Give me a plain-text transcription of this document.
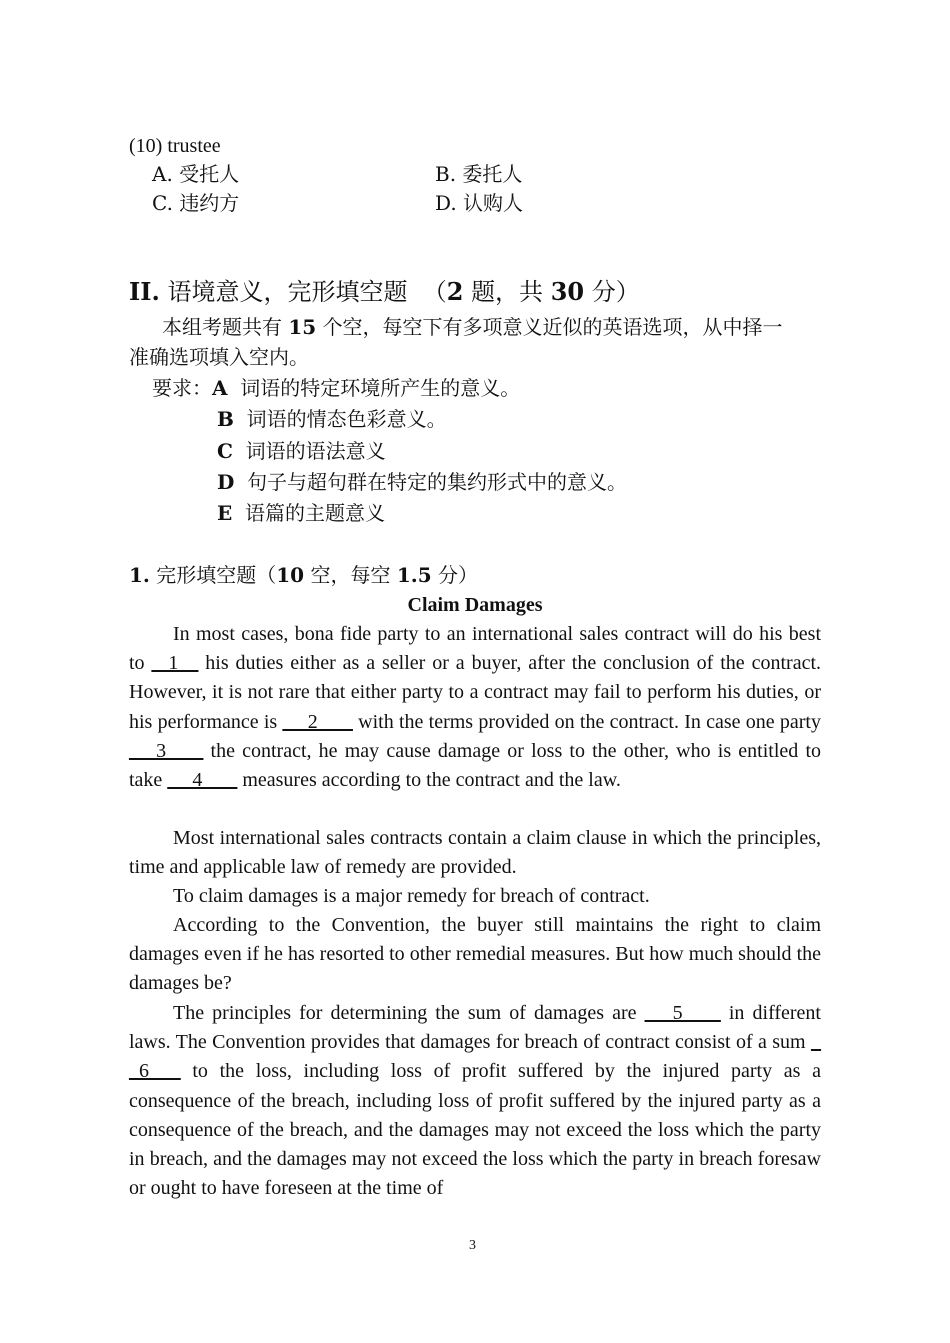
(10) trustee
A. 受托人	B. 委托人
C. 违约方	D. 认购人
II. 语境意义，完形填空题 （2 题，共 30 分）
本组考题共有 15 个空，每空下有多项意义近似的英语选项，从中择一
准确选项填入空内。
要求：A 词语的特定环境所产生的意义。
B 词语的情态色彩意义。
C 词语的语法意义
D 句子与超句群在特定的集约形式中的意义。
E 语篇的主题意义
1. 完形填空题（10 空，每空 1.5 分）
Claim Damages
In most cases, bona fide party to an international sales contract will do his best to _ 1__ his duties either as a seller or a buyer, after the conclusion of the contract. However, it is not rare that either party to a contract may fail to perform his duties, or his performance is _ _2_ __ with the terms provided on the contract. In case one party _ _3_ __ the contract, he may cause damage or loss to the other, who is entitled to take _ _4_ __ measures according to the contract and the law.
Most international sales contracts contain a claim clause in which the principles, time and applicable law of remedy are provided.
To claim damages is a major remedy for breach of contract.
According to the Convention, the buyer still maintains the right to claim damages even if he has resorted to other remedial measures. But how much should the damages be?
The principles for determining the sum of damages are _ _5_ __ in different laws. The Convention provides that damages for breach of contract consist of a sum _ _6_ _ to the loss, including loss of profit suffered by the injured party as a consequence of the breach, including loss of profit suffered by the injured party as a consequence of the breach, and the damages may not exceed the loss which the party in breach, and the damages may not exceed the loss which the party in breach foresaw or ought to have foreseen at the time of
3
